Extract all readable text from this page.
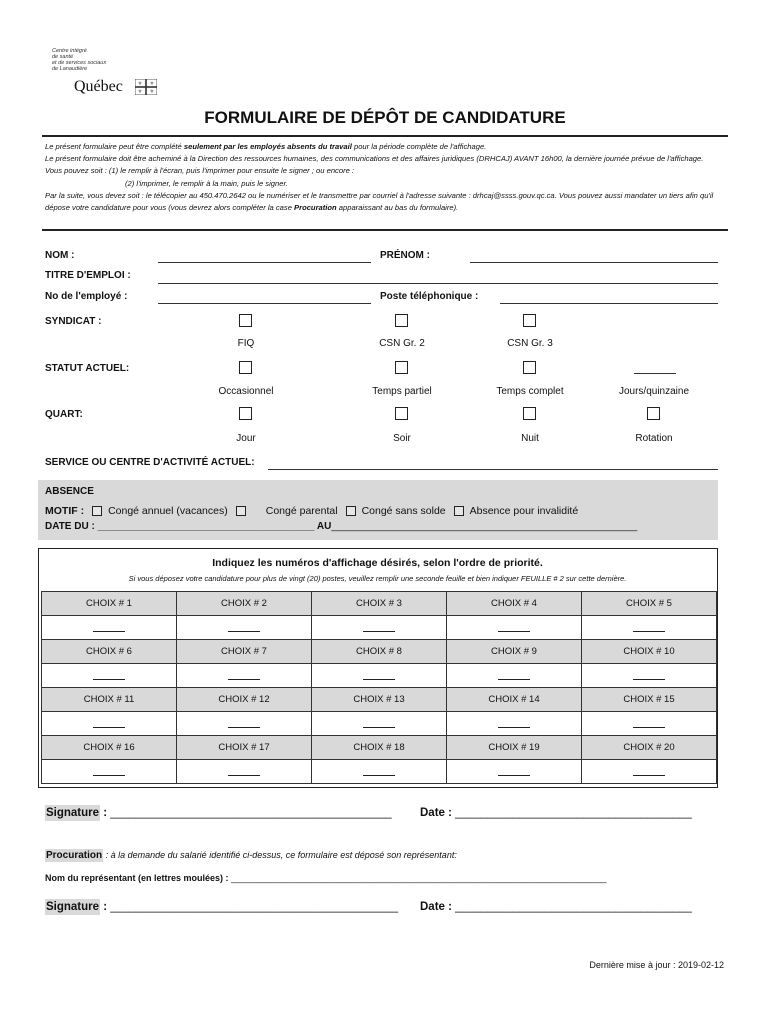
Centre intégré
de santé
et de services sociaux
de Lanaudière
Québec	⚜ ⚜
⚜ ⚜
FORMULAIRE DE DÉPÔT DE CANDIDATURE

Le présent formulaire peut être complété seulement par les employés absents du travail pour la période complète de l'affichage.

Le présent formulaire doit être acheminé à la Direction des ressources humaines, des communications et des affaires juridiques (DRHCAJ) AVANT 16h00, la dernière journée prévue de l'affichage.

Vous pouvez soit : (1) le remplir à l'écran, puis l'imprimer pour ensuite le signer ; ou encore :

(2) l'imprimer, le remplir à la main, puis le signer.

Par la suite, vous devez soit : le télécopier au 450.470.2642 ou le numériser et le transmettre par courriel à l'adresse suivante : drhcaj@ssss.gouv.qc.ca. Vous pouvez aussi mandater un tiers afin qu'il dépose votre candidature pour vous (vous devrez alors compléter la case Procuration apparaissant au bas du formulaire).

NOM :	PRÉNOM :
TITRE D'EMPLOI :
No de l'employé :	Poste téléphonique :
SYNDICAT :
FIQ	CSN Gr. 2	CSN Gr. 3
STATUT ACTUEL:
Occasionnel	Temps partiel	Temps complet	Jours/quinzaine
QUART:
Jour	Soir	Nuit	Rotation
SERVICE OU CENTRE D'ACTIVITÉ ACTUEL:
ABSENCE
MOTIF : Congé annuel (vacances)	Congé parental Congé sans solde Absence pour invalidité
DATE DU : _______________________________________ AU_______________________________________________________
Indiquez les numéros d'affichage désirés, selon l'ordre de priorité.
Si vous déposez votre candidature pour plus de vingt (20) postes, veuillez remplir une seconde feuille et bien indiquer FEUILLE # 2 sur cette dernière.
CHOIX # 1	CHOIX # 2	CHOIX # 3	CHOIX # 4	CHOIX # 5

CHOIX # 6	CHOIX # 7	CHOIX # 8	CHOIX # 9	CHOIX # 10

CHOIX # 11	CHOIX # 12	CHOIX # 13	CHOIX # 14	CHOIX # 15

CHOIX # 16	CHOIX # 17	CHOIX # 18	CHOIX # 19	CHOIX # 20

Signature : ____________________________________________ Date : _____________________________________
Procuration : à la demande du salarié identifié ci-dessus, ce formulaire est déposé son représentant:
Nom du représentant (en lettres moulées) : ___________________________________________________________________________
Signature : _____________________________________________ Date : _____________________________________
Dernière mise à jour : 2019-02-12
